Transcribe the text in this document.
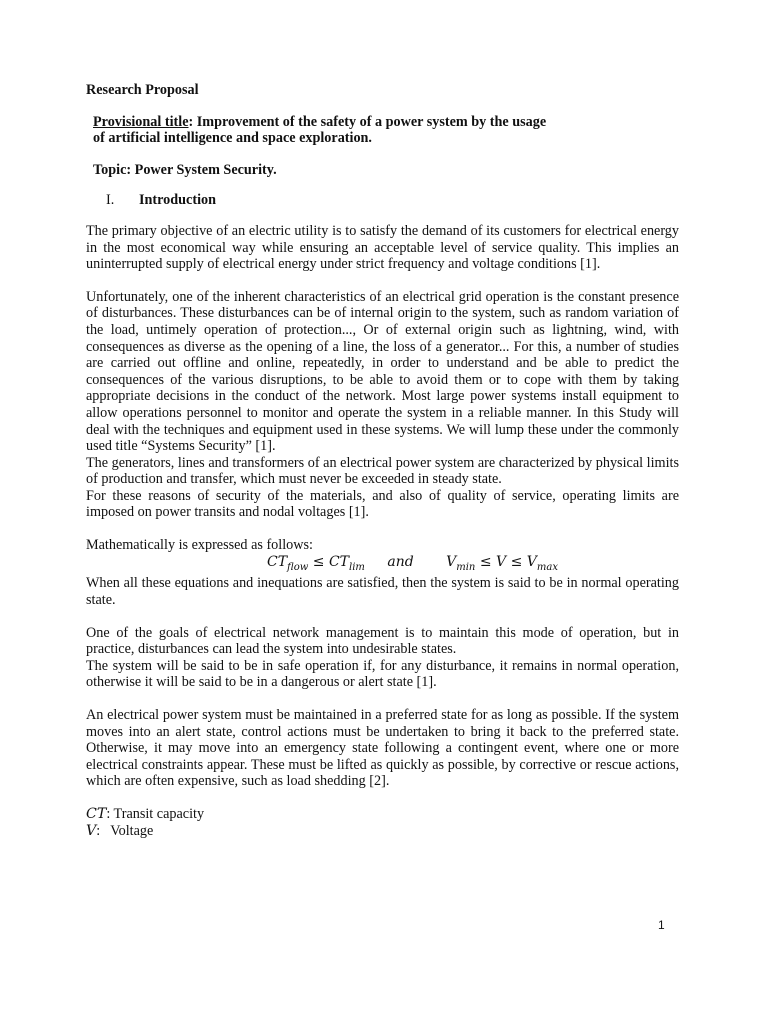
Research Proposal
Provisional title: Improvement of the safety of a power system by the usage
of artificial intelligence and space exploration.
Topic: Power System Security.
I. Introduction

The primary objective of an electric utility is to satisfy the demand of its customers for electrical energy in the most economical way while ensuring an acceptable level of service quality. This implies an uninterrupted supply of electrical energy under strict frequency and voltage conditions [1].

Unfortunately, one of the inherent characteristics of an electrical grid operation is the constant presence of disturbances. These disturbances can be of internal origin to the system, such as random variation of the load, untimely operation of protection..., Or of external origin such as lightning, wind, with consequences as diverse as the opening of a line, the loss of a generator... For this, a number of studies are carried out offline and online, repeatedly, in order to understand and be able to predict the consequences of the various disruptions, to be able to avoid them or to cope with them by taking appropriate decisions in the conduct of the network. Most large power systems install equipment to allow operations personnel to monitor and operate the system in a reliable manner. In this Study will deal with the techniques and equipment used in these systems. We will lump these under the commonly used title “Systems Security” [1].

The generators, lines and transformers of an electrical power system are characterized by physical limits of production and transfer, which must never be exceeded in steady state.

For these reasons of security of the materials, and also of quality of service, operating limits are imposed on power transits and nodal voltages [1].

Mathematically is expressed as follows:

$CT_{flow} \le CT_{lim}$ and $V_{min} \le V \le V_{max}$

When all these equations and inequations are satisfied, then the system is said to be in normal operating state.

One of the goals of electrical network management is to maintain this mode of operation, but in practice, disturbances can lead the system into undesirable states.

The system will be said to be in safe operation if, for any disturbance, it remains in normal operation, otherwise it will be said to be in a dangerous or alert state [1].

An electrical power system must be maintained in a preferred state for as long as possible. If the system moves into an alert state, control actions must be undertaken to bring it back to the preferred state. Otherwise, it may move into an emergency state following a contingent event, where one or more electrical constraints appear. These must be lifted as quickly as possible, by corrective or rescue actions, which are often expensive, such as load shedding [2].

CT: Transit capacity
V: Voltage
1
